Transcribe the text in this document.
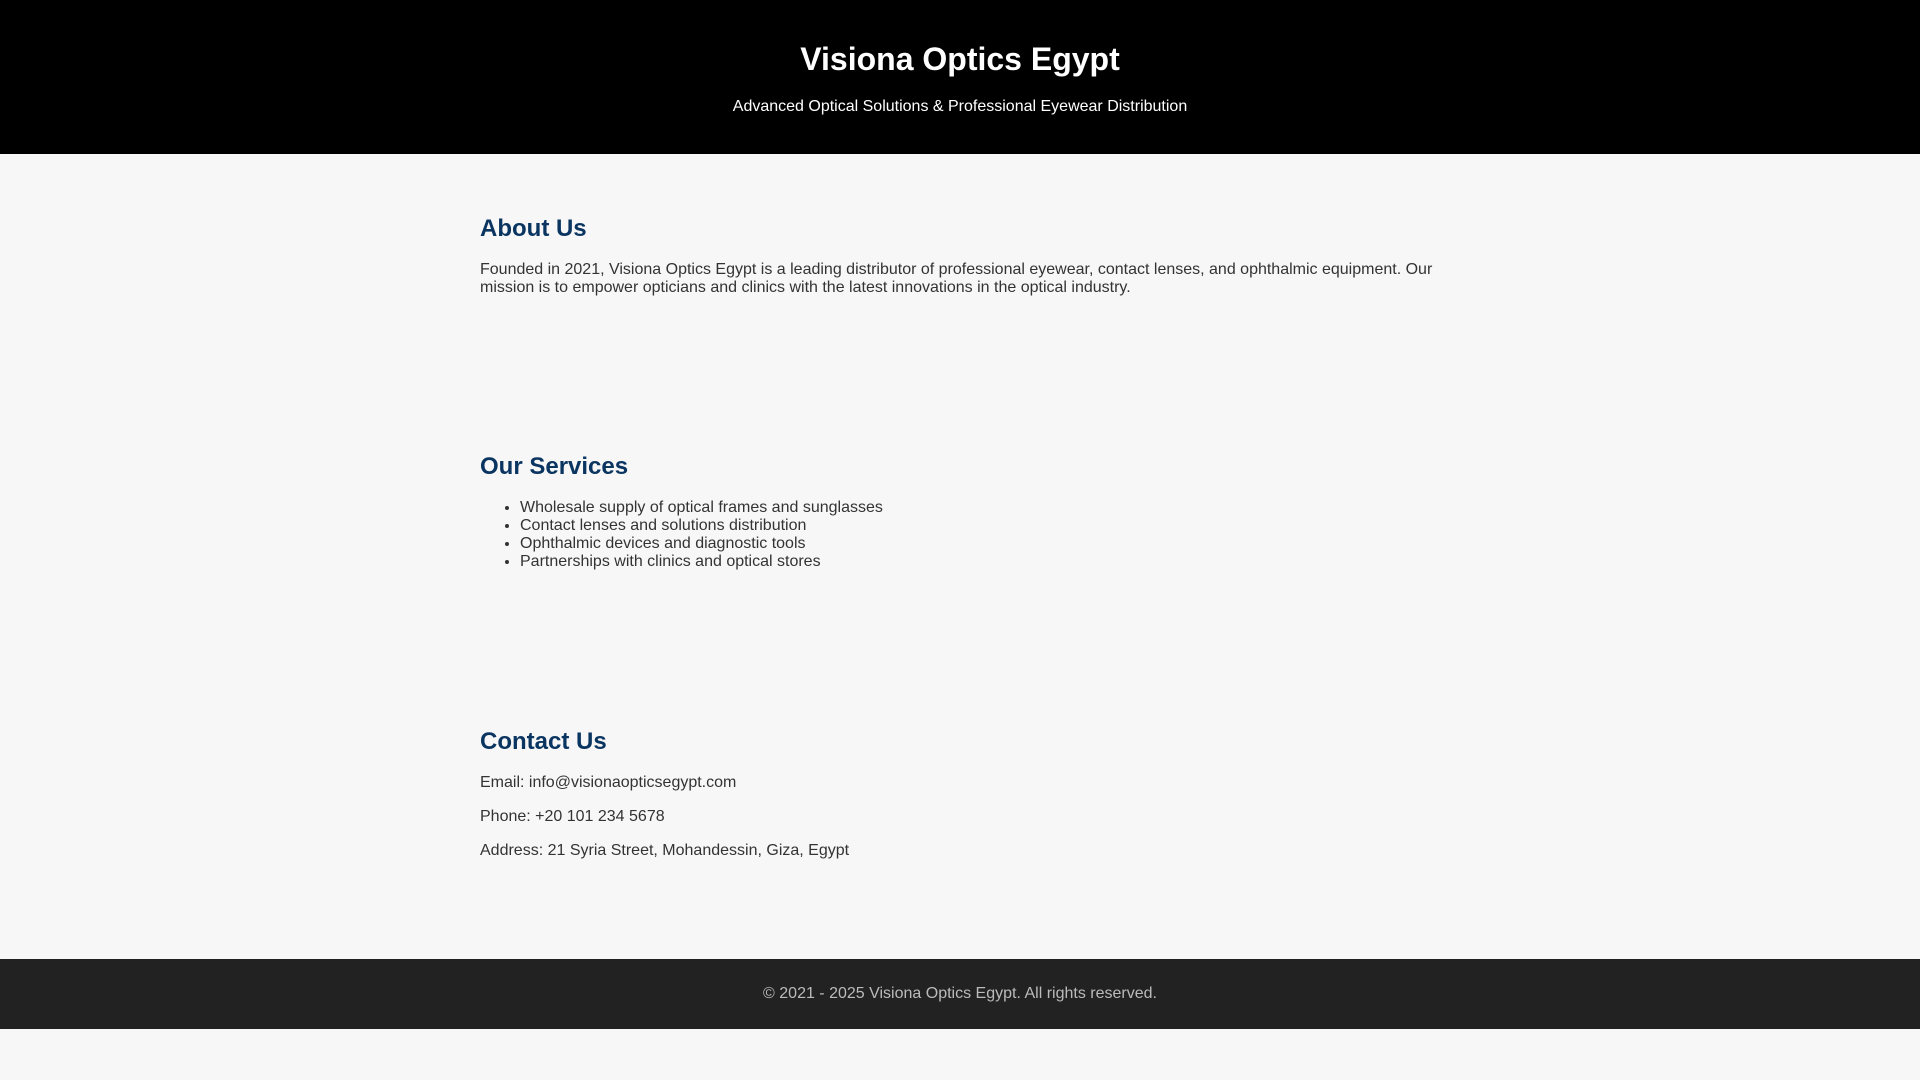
Visiona Optics Egypt

Advanced Optical Solutions & Professional Eyewear Distribution

About Us

Founded in 2021, Visiona Optics Egypt is a leading distributor of professional eyewear, contact lenses, and ophthalmic equipment. Our mission is to empower opticians and clinics with the latest innovations in the optical industry.

Our Services
• Wholesale supply of optical frames and sunglasses
• Contact lenses and solutions distribution
• Ophthalmic devices and diagnostic tools
• Partnerships with clinics and optical stores
Contact Us

Email: info@visionaopticsegypt.com

Phone: +20 101 234 5678

Address: 21 Syria Street, Mohandessin, Giza, Egypt

© 2021 - 2025 Visiona Optics Egypt. All rights reserved.
